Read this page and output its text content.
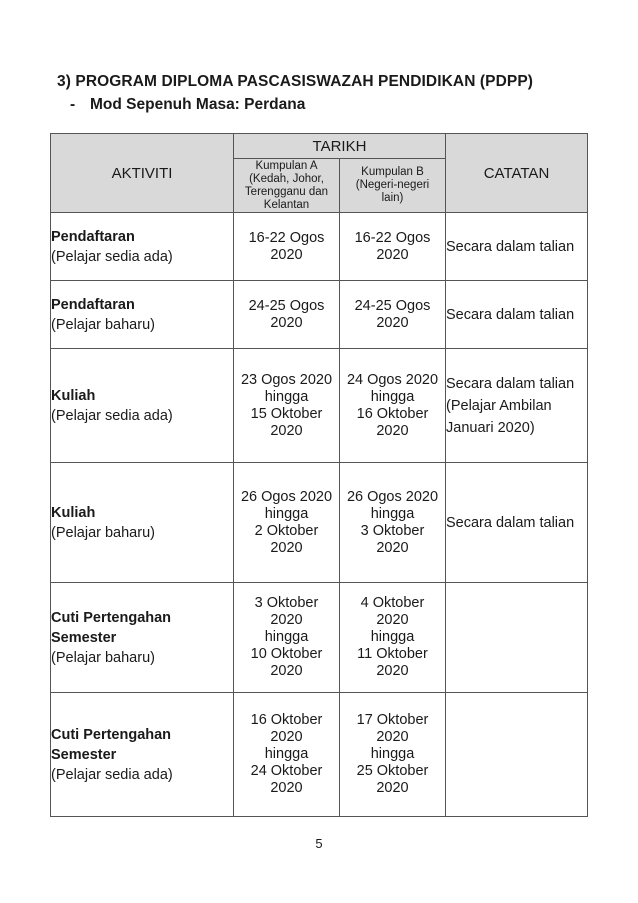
3) PROGRAM DIPLOMA PASCASISWAZAH PENDIDIKAN (PDPP)
- Mod Sepenuh Masa: Perdana
AKTIVITI	TARIKH		CATATAN

	Kumpulan A
(Kedah, Johor,
Terengganu dan
Kelantan	Kumpulan B
(Negeri-negeri
lain)	

Pendaftaran
(Pelajar sedia ada)	16-22 Ogos
2020	16-22 Ogos
2020	Secara dalam talian

Pendaftaran
(Pelajar baharu)	24-25 Ogos
2020	24-25 Ogos
2020	Secara dalam talian

Kuliah
(Pelajar sedia ada)	23 Ogos 2020
hingga
15 Oktober
2020	24 Ogos 2020
hingga
16 Oktober
2020	Secara dalam talian (Pelajar Ambilan Januari 2020)

Kuliah
(Pelajar baharu)	26 Ogos 2020
hingga
2 Oktober
2020	26 Ogos 2020
hingga
3 Oktober
2020	Secara dalam talian

Cuti Pertengahan Semester
(Pelajar baharu)	3 Oktober
2020
hingga
10 Oktober
2020	4 Oktober
2020
hingga
11 Oktober
2020	

Cuti Pertengahan Semester
(Pelajar sedia ada)	16 Oktober
2020
hingga
24 Oktober
2020	17 Oktober
2020
hingga
25 Oktober
2020	

5
